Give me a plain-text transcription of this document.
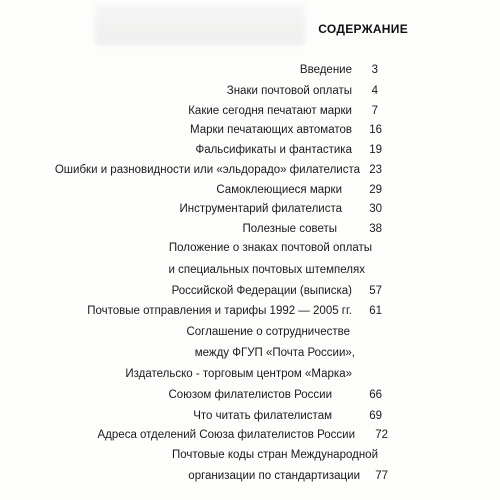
СОДЕРЖАНИЕ
Введение 3
Знаки почтовой оплаты 4
Какие сегодня печатают марки 7
Марки печатающих автоматов 16
Фальсификаты и фантастика 19
Ошибки и разновидности или «эльдорадо» филателиста 23
Самоклеющиеся марки 29
Инструментарий филателиста 30
Полезные советы	38
Положение о знаках почтовой оплаты
и специальных почтовых штемпелях
Российской Федерации (выписка) 57
Почтовые отправления и тарифы 1992 — 2005 гг. 61
Соглашение о сотрудничестве
между ФГУП «Почта России»,
Издательско - торговым центром «Марка»
Союзом филателистов России	66
Что читать филателистам	69
Адреса отделений Союза филателистов России 72
Почтовые коды стран Международной
организации по стандартизации 77
